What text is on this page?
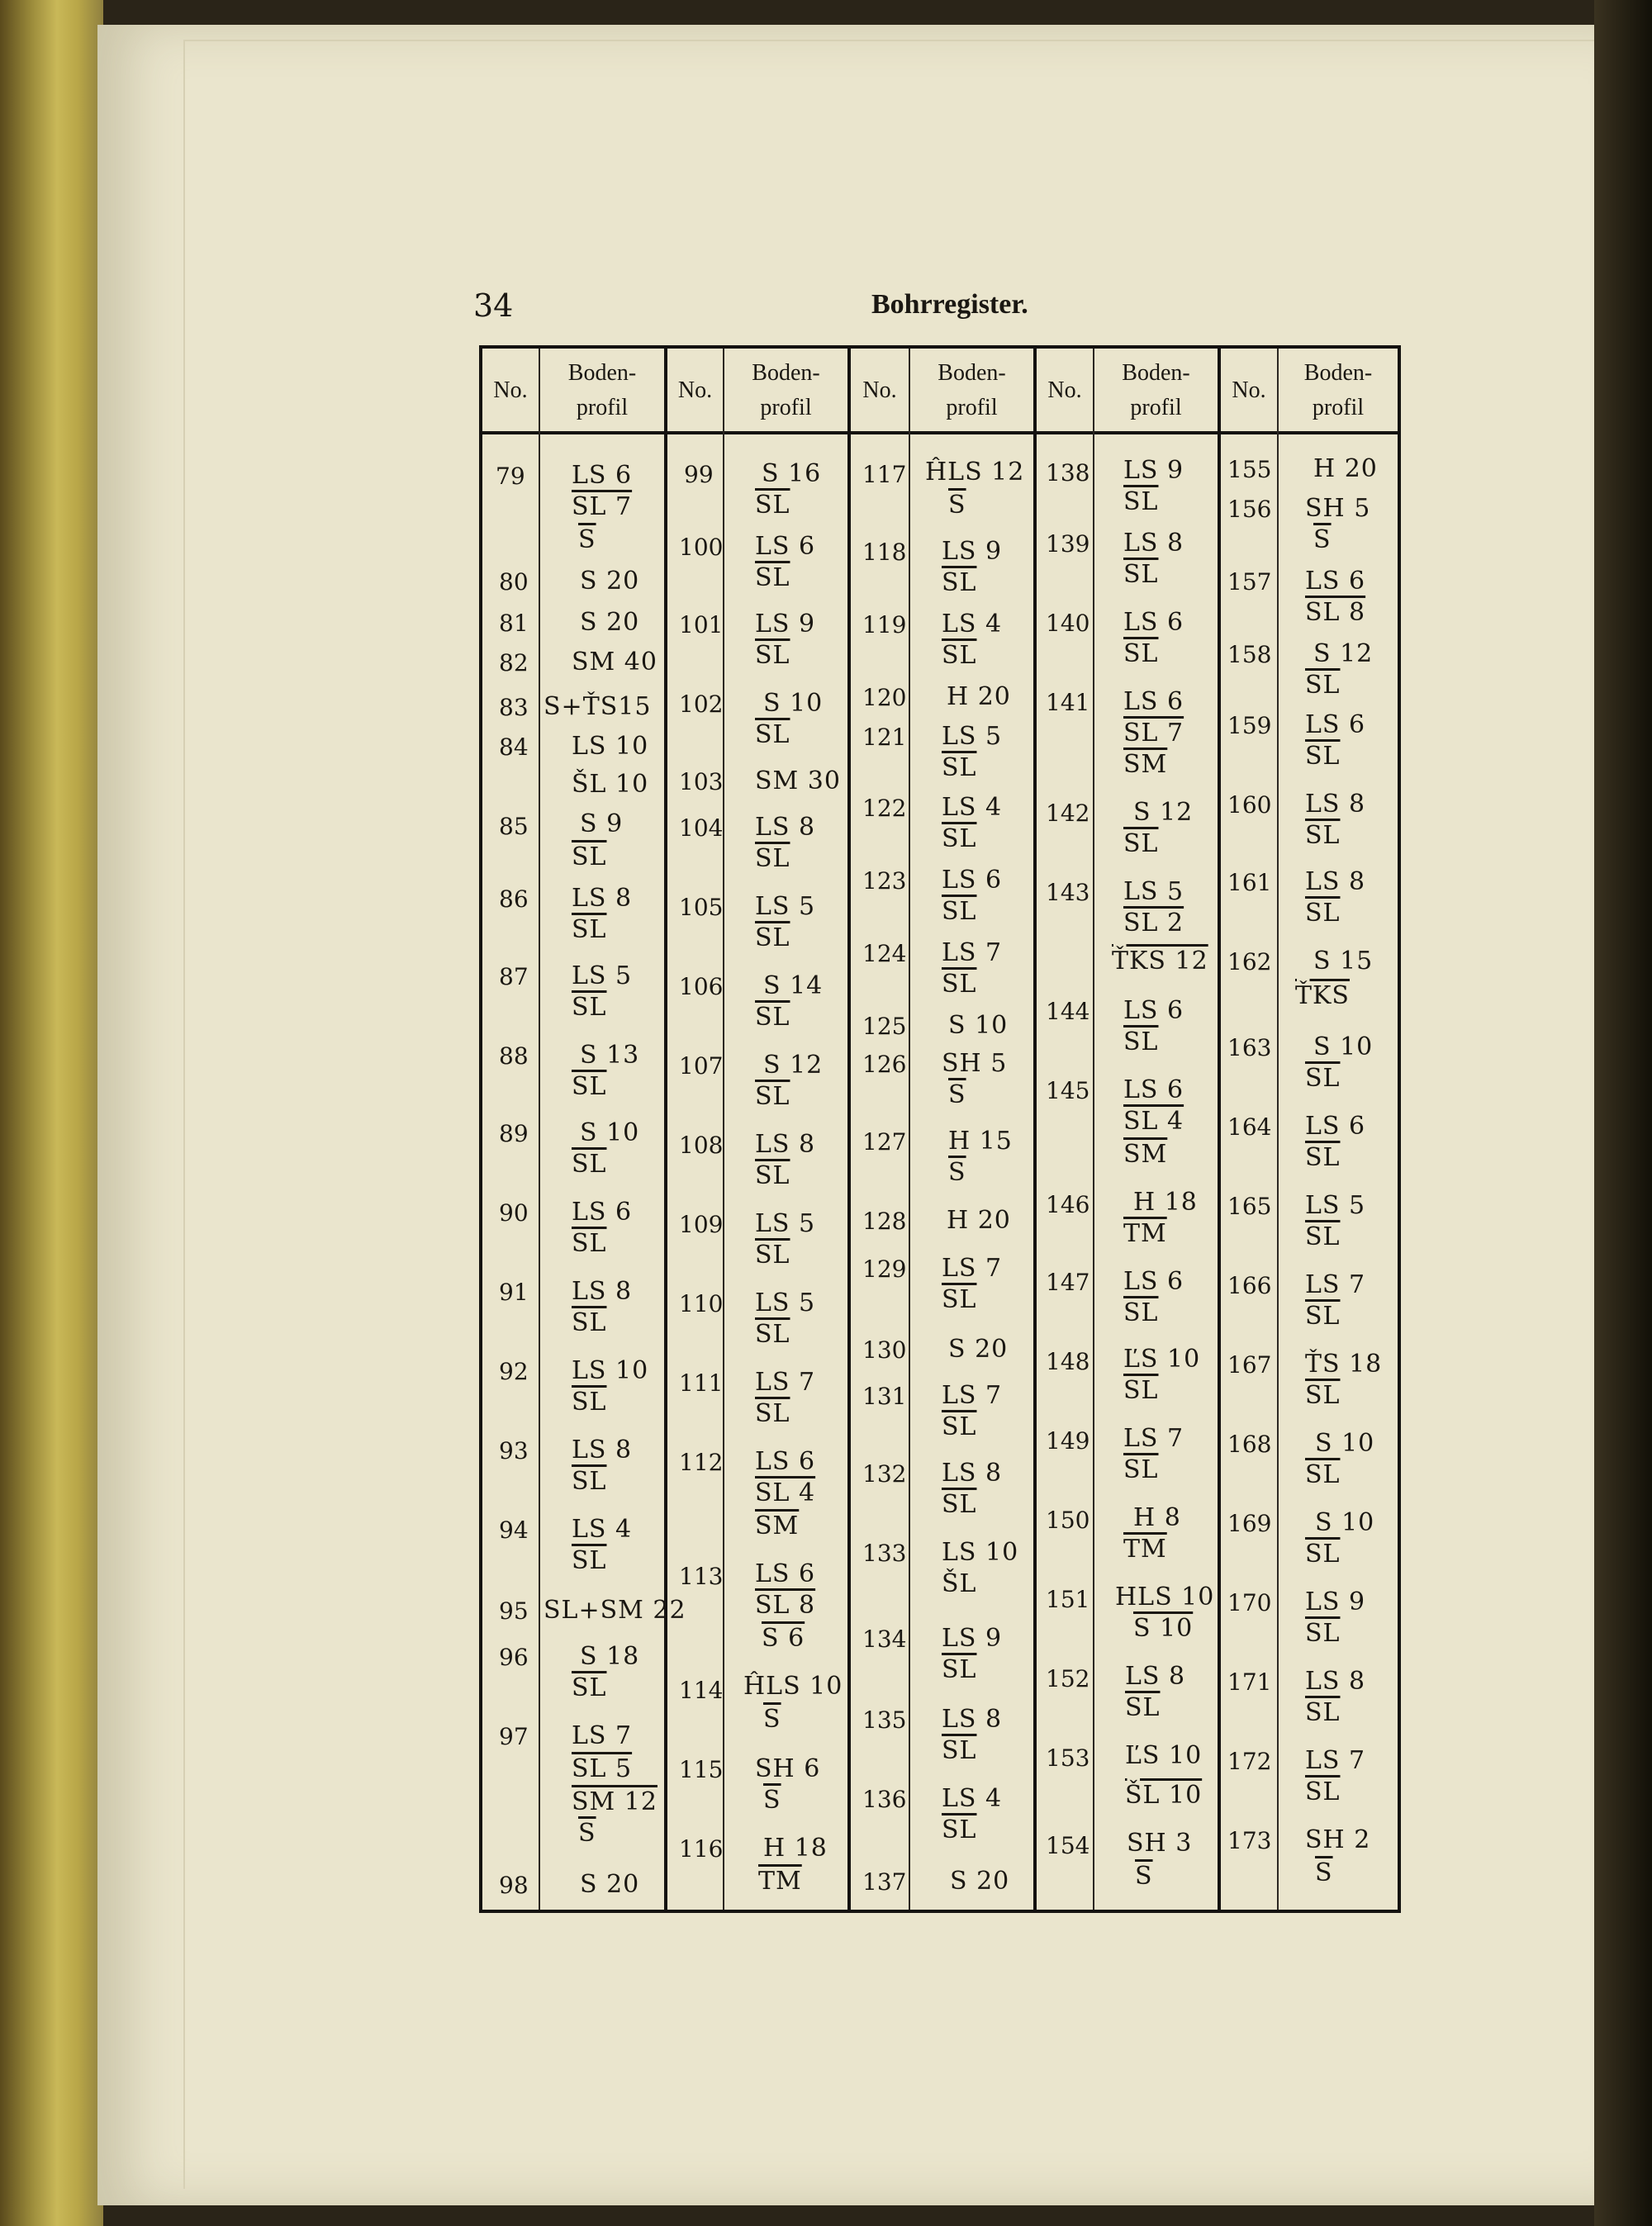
34	Bohrregister.
No.
Boden-
profil
No.
Boden-
profil
No.
Boden-
profil
No.
Boden-
profil
No.
Boden-
profil
79 LS 6
SL 7
$\overline{S}$
80 S 20
81 S 20
82 SM 40
83 S+ŤS15
84 LS 10
ŠL 10
85 S 9
$\overline{SL}$
86 LS 8
$\overline{SL}$
87 LS 5
$\overline{SL}$
88 S 13
$\overline{SL}$
89 S 10
$\overline{SL}$
90 LS 6
$\overline{SL}$
91 LS 8
$\overline{SL}$
92 LS 10
$\overline{SL}$
93 LS 8
$\overline{SL}$
94 LS 4
$\overline{SL}$
95 SL+SM 22
96 S 18
$\overline{SL}$
97 LS 7
SL 5
SM 12
$\overline{S}$
98 S 20
99 S 16
$\overline{SL}$
100 LS 6
$\overline{SL}$
101 LS 9
$\overline{SL}$
102 S 10
$\overline{SL}$
103 SM 30
104 LS 8
$\overline{SL}$
105 LS 5
$\overline{SL}$
106 S 14
$\overline{SL}$
107 S 12
$\overline{SL}$
108 LS 8
$\overline{SL}$
109 LS 5
$\overline{SL}$
110 LS 5
$\overline{SL}$
111 LS 7
$\overline{SL}$
112 LS 6
SL 4
$\overline{SM}$
113 LS 6
SL 8
S 6
114 ĤLS 10
$\overline{S}$
115 SH 6
$\overline{S}$
116 H 18
$\overline{TM}$
117 ĤLS 12
$\overline{S}$
118 LS 9
$\overline{SL}$
119 LS 4
$\overline{SL}$
120 H 20
121 LS 5
$\overline{SL}$
122 LS 4
$\overline{SL}$
123 LS 6
$\overline{SL}$
124 LS 7
$\overline{SL}$
125 S 10
126 SH 5
$\overline{S}$
127 H 15
$\overline{S}$
128 H 20
129 LS 7
$\overline{SL}$
130 S 20
131 LS 7
$\overline{SL}$
132 LS 8
$\overline{SL}$
133 LS 10
ŠL
134 LS 9
$\overline{SL}$
135 LS 8
$\overline{SL}$
136 LS 4
$\overline{SL}$
137 S 20
138 LS 9
$\overline{SL}$
139 LS 8
$\overline{SL}$
140 LS 6
$\overline{SL}$
141 LS 6
SL 7
$\overline{SM}$
142 S 12
$\overline{SL}$
143 LS 5
SL 2
ŤKS 12
144 LS 6
$\overline{SL}$
145 LS 6
SL 4
$\overline{SM}$
146 H 18
$\overline{TM}$
147 LS 6
$\overline{SL}$
148 ĽS 10
$\overline{SL}$
149 LS 7
$\overline{SL}$
150 H 8
$\overline{TM}$
151 HLS 10
S 10
152 LS 8
$\overline{SL}$
153 ĽS 10
ŠL 10
154 SH 3
$\overline{S}$
155 H 20
156 SH 5
$\overline{S}$
157 LS 6
SL 8
158 S 12
$\overline{SL}$
159 LS 6
$\overline{SL}$
160 LS 8
$\overline{SL}$
161 LS 8
$\overline{SL}$
162 S 15
$\overline{ŤKS}$
163 S 10
$\overline{SL}$
164 LS 6
$\overline{SL}$
165 LS 5
$\overline{SL}$
166 LS 7
$\overline{SL}$
167 ŤS 18
$\overline{SL}$
168 S 10
$\overline{SL}$
169 S 10
$\overline{SL}$
170 LS 9
$\overline{SL}$
171 LS 8
$\overline{SL}$
172 LS 7
$\overline{SL}$
173 SH 2
$\overline{S}$
